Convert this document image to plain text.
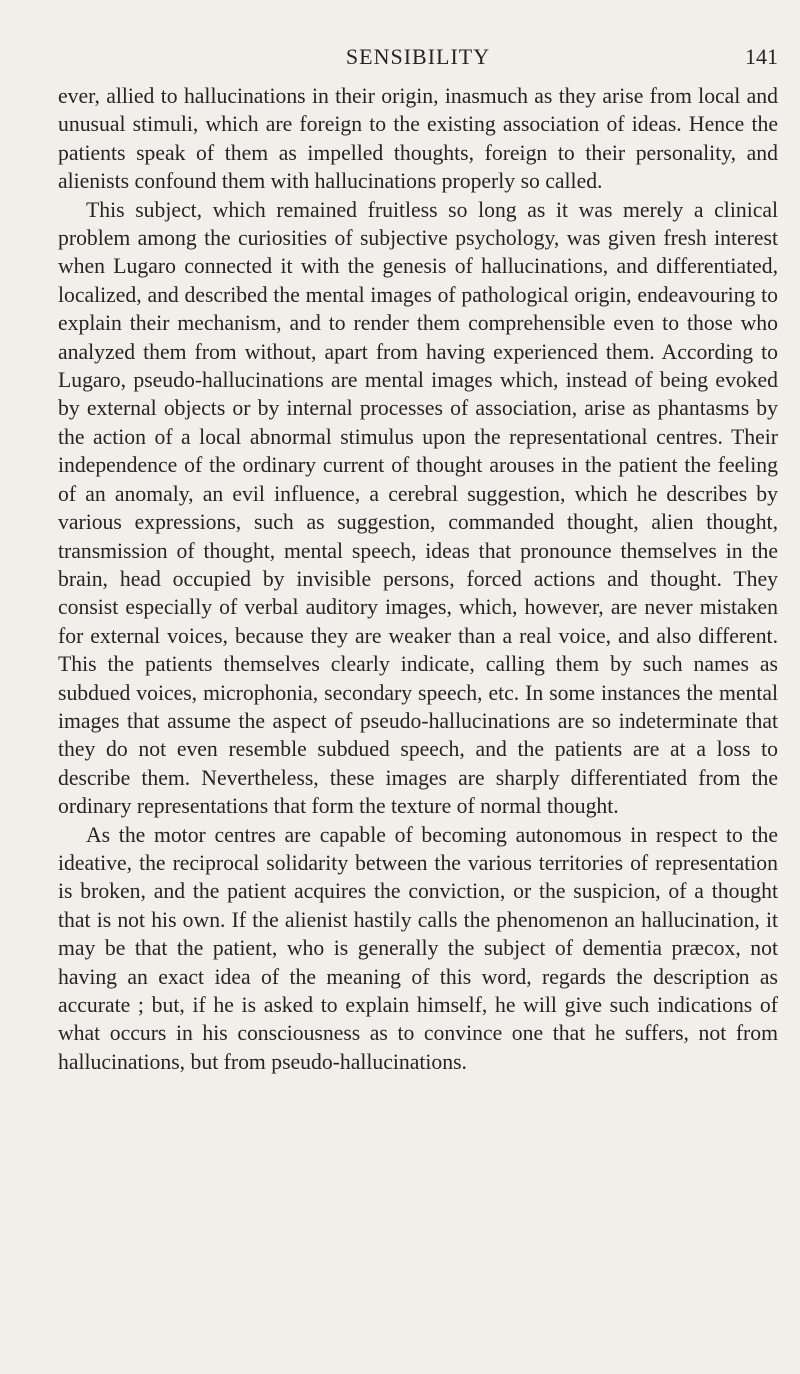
SENSIBILITY	141

ever, allied to hallucinations in their origin, inasmuch as they arise from local and unusual stimuli, which are foreign to the existing association of ideas. Hence the patients speak of them as impelled thoughts, foreign to their personality, and alienists confound them with hallucinations properly so called.

This subject, which remained fruitless so long as it was merely a clinical problem among the curiosities of subjective psychology, was given fresh interest when Lugaro connected it with the genesis of hallucinations, and differentiated, localized, and described the mental images of pathological origin, endeavouring to explain their mechanism, and to render them comprehensible even to those who analyzed them from without, apart from having experienced them. According to Lugaro, pseudo-hallucinations are mental images which, instead of being evoked by external objects or by internal processes of association, arise as phantasms by the action of a local abnormal stimulus upon the representational centres. Their independence of the ordinary current of thought arouses in the patient the feeling of an anomaly, an evil influence, a cerebral suggestion, which he describes by various expressions, such as suggestion, commanded thought, alien thought, transmission of thought, mental speech, ideas that pronounce themselves in the brain, head occupied by invisible persons, forced actions and thought. They consist especially of verbal auditory images, which, however, are never mistaken for external voices, because they are weaker than a real voice, and also different. This the patients themselves clearly indicate, calling them by such names as subdued voices, microphonia, secondary speech, etc. In some instances the mental images that assume the aspect of pseudo-hallucinations are so indeterminate that they do not even resemble subdued speech, and the patients are at a loss to describe them. Nevertheless, these images are sharply differentiated from the ordinary representations that form the texture of normal thought.

As the motor centres are capable of becoming autonomous in respect to the ideative, the reciprocal solidarity between the various territories of representation is broken, and the patient acquires the conviction, or the suspicion, of a thought that is not his own. If the alienist hastily calls the phenomenon an hallucination, it may be that the patient, who is generally the subject of dementia præcox, not having an exact idea of the meaning of this word, regards the description as accurate ; but, if he is asked to explain himself, he will give such indications of what occurs in his consciousness as to convince one that he suffers, not from hallucinations, but from pseudo-hallucinations.
